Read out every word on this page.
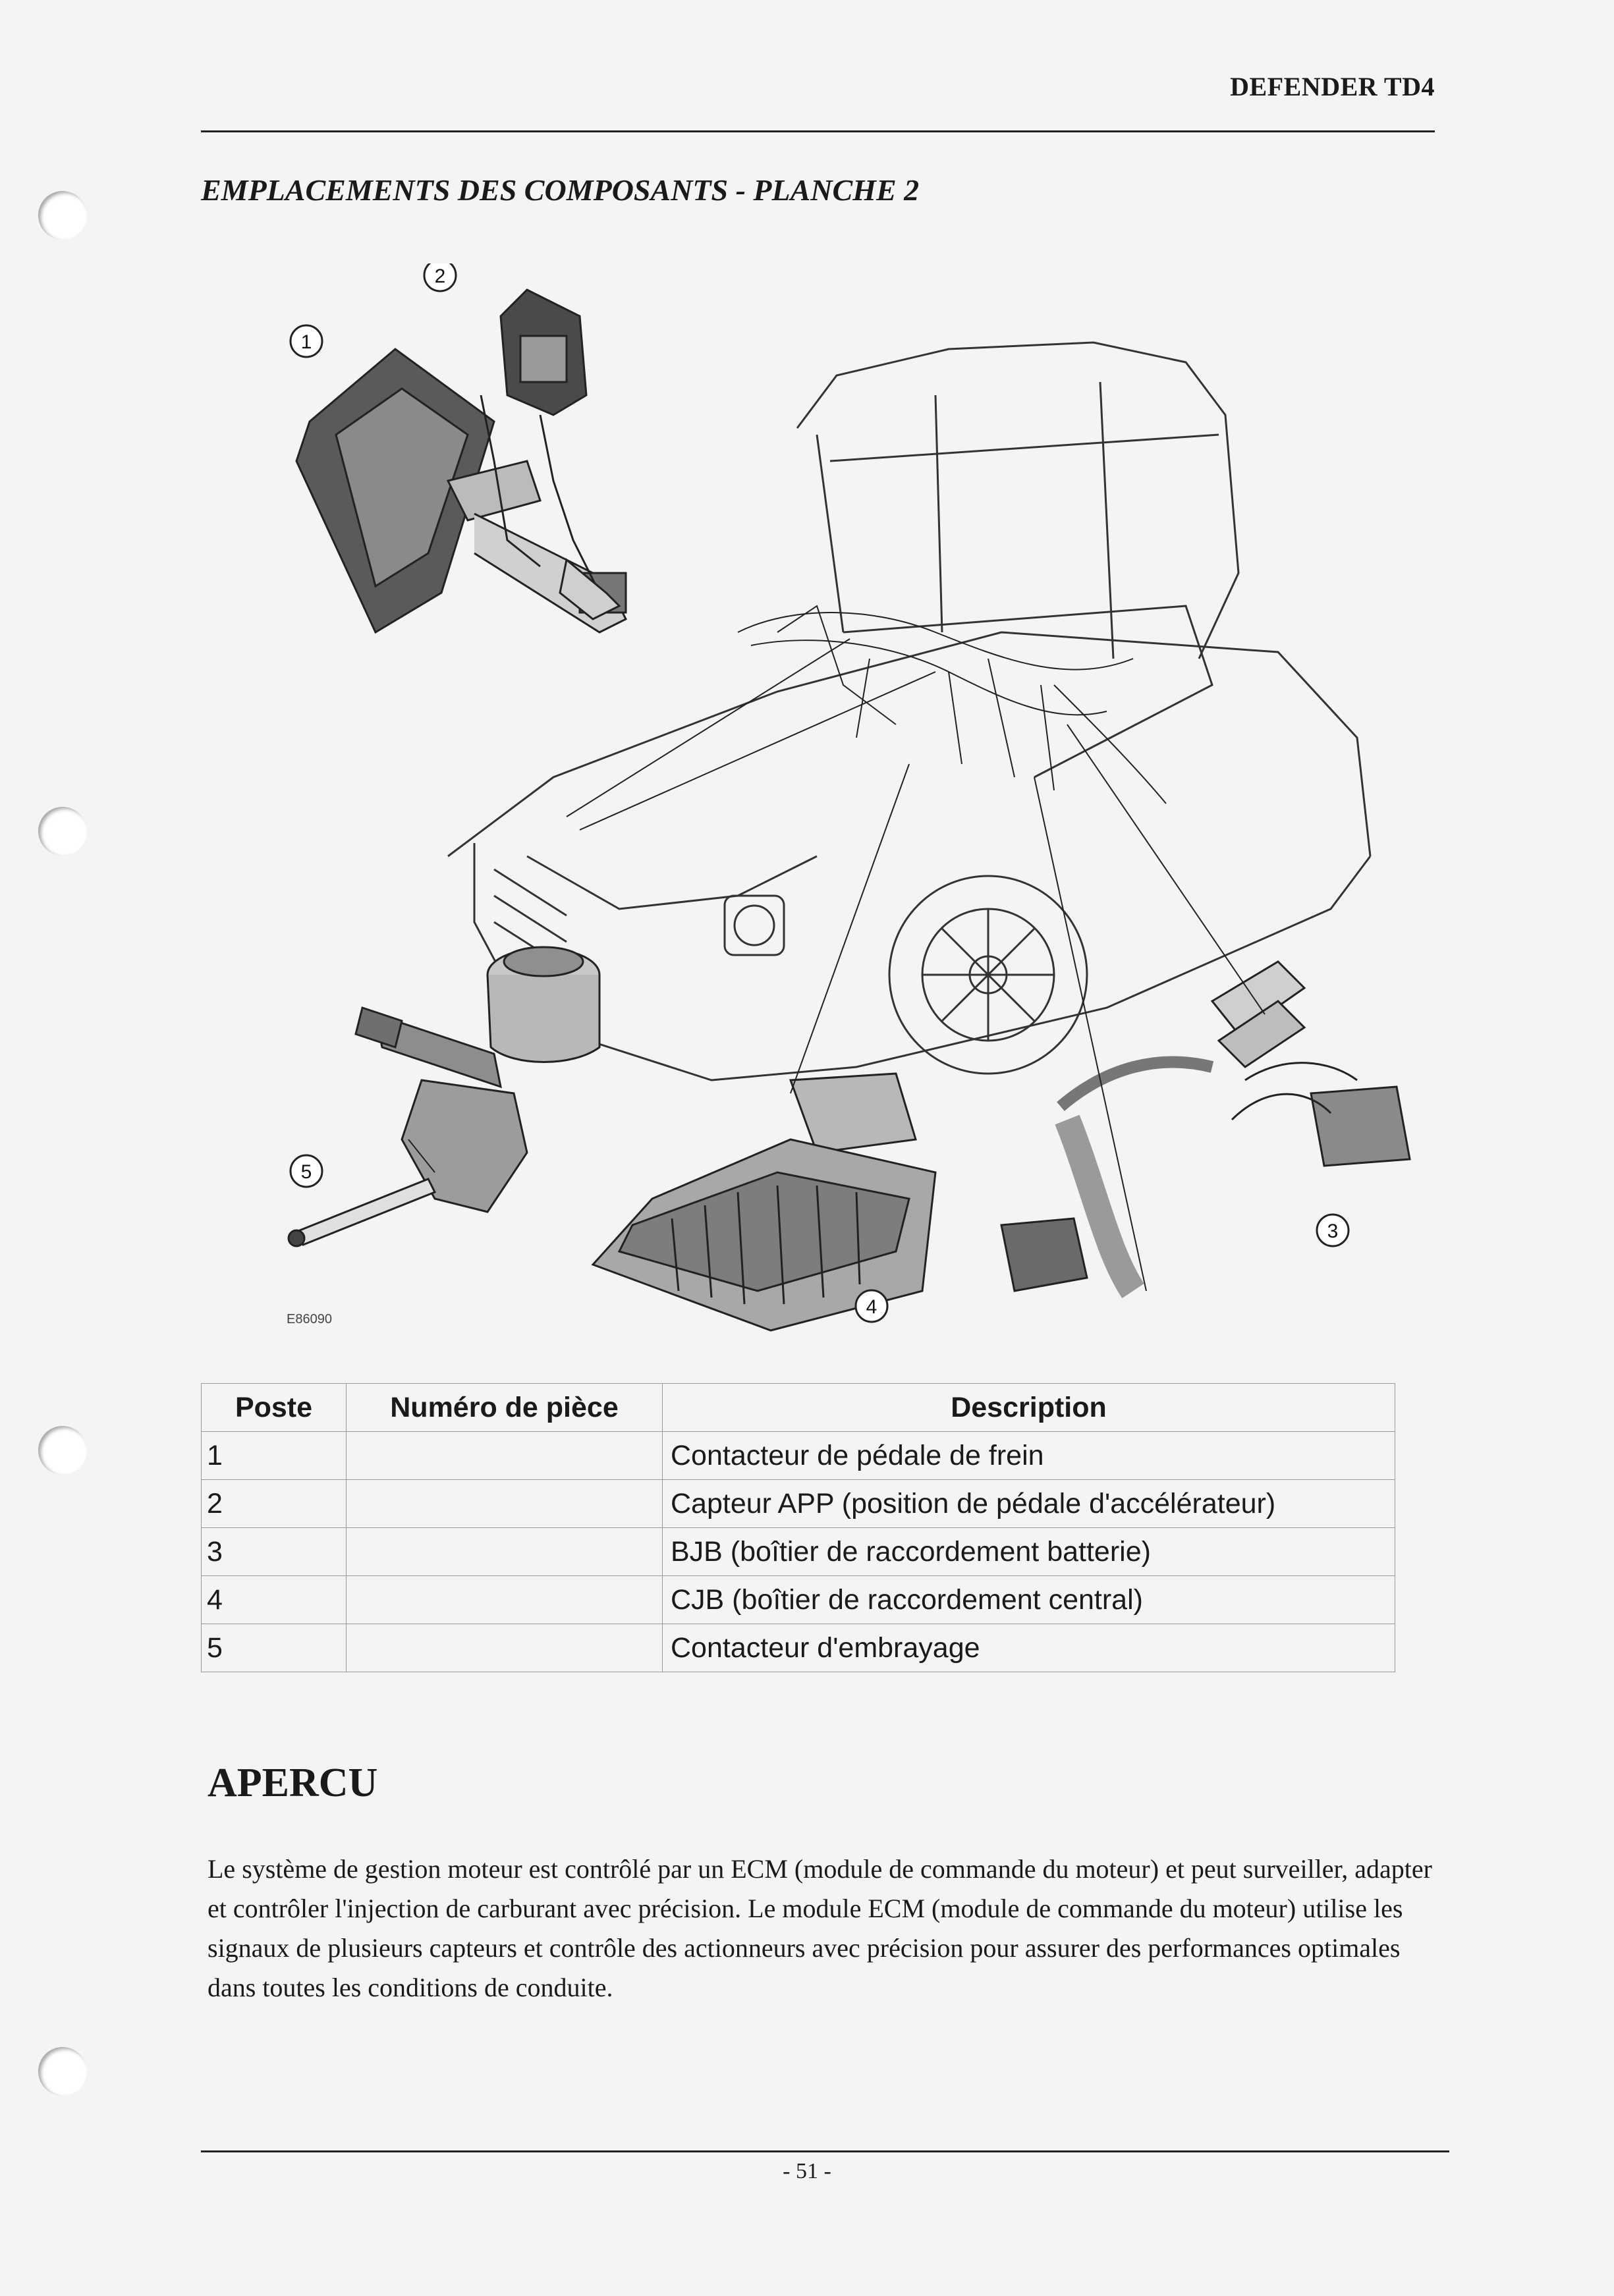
DEFENDER TD4
EMPLACEMENTS DES COMPOSANTS - PLANCHE 2
1
2
3
4
5
E86090
Poste	Numéro de pièce	Description
1		Contacteur de pédale de frein
2		Capteur APP (position de pédale d'accélérateur)
3		BJB (boîtier de raccordement batterie)
4		CJB (boîtier de raccordement central)
5		Contacteur d'embrayage
APERCU
Le système de gestion moteur est contrôlé par un ECM (module de commande du moteur) et peut surveiller, adapter et contrôler l'injection de carburant avec précision. Le module ECM (module de commande du moteur) utilise les signaux de plusieurs capteurs et contrôle des actionneurs avec précision pour assurer des performances optimales dans toutes les conditions de conduite.
- 51 -
